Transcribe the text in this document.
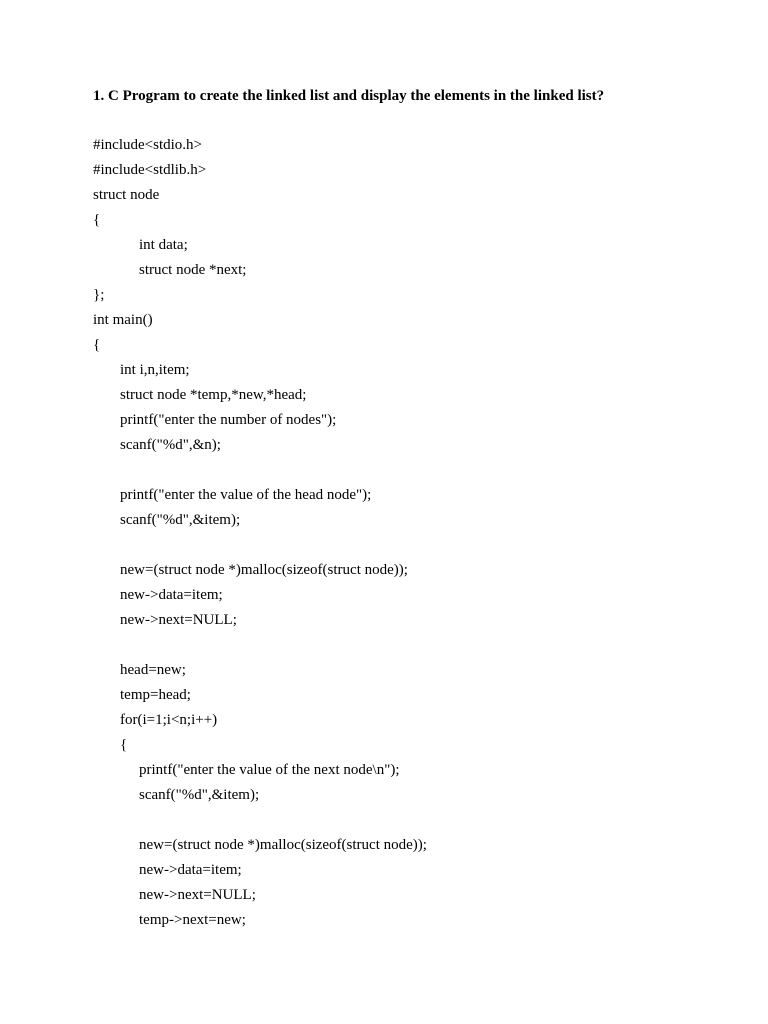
1. C Program to create the linked list and display the elements in the linked list?
#include<stdio.h>
#include<stdlib.h>
struct node
{
int data;
struct node *next;
};
int main()
{
int i,n,item;
struct node *temp,*new,*head;
printf("enter the number of nodes");
scanf("%d",&n);
printf("enter the value of the head node");
scanf("%d",&item);
new=(struct node *)malloc(sizeof(struct node));
new->data=item;
new->next=NULL;
head=new;
temp=head;
for(i=1;i<n;i++)
{
printf("enter the value of the next node\n");
scanf("%d",&item);
new=(struct node *)malloc(sizeof(struct node));
new->data=item;
new->next=NULL;
temp->next=new;
